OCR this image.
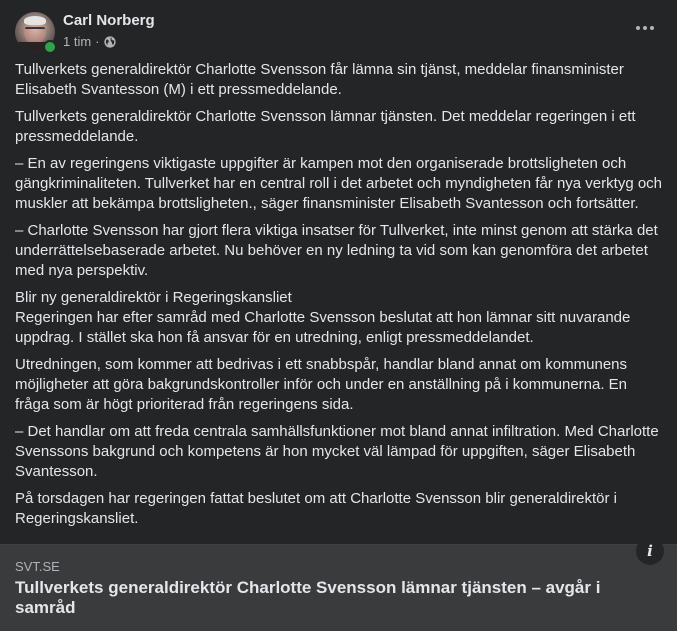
Carl Norberg
1 tim ·

Tullverkets generaldirektör Charlotte Svensson får lämna sin tjänst, meddelar finansminister Elisabeth Svantesson (M) i ett pressmeddelande.

Tullverkets generaldirektör Charlotte Svensson lämnar tjänsten. Det meddelar regeringen i ett pressmeddelande.

– En av regeringens viktigaste uppgifter är kampen mot den organiserade brottsligheten och gängkriminaliteten. Tullverket har en central roll i det arbetet och myndigheten får nya verktyg och muskler att bekämpa brottsligheten., säger finansminister Elisabeth Svantesson och fortsätter.

– Charlotte Svensson har gjort flera viktiga insatser för Tullverket, inte minst genom att stärka det underrättelsebaserade arbetet. Nu behöver en ny ledning ta vid som kan genomföra det arbetet med nya perspektiv.

Blir ny generaldirektör i Regeringskansliet

Regeringen har efter samråd med Charlotte Svensson beslutat att hon lämnar sitt nuvarande uppdrag. I stället ska hon få ansvar för en utredning, enligt pressmeddelandet.

Utredningen, som kommer att bedrivas i ett snabbspår, handlar bland annat om kommunens möjligheter att göra bakgrundskontroller inför och under en anställning på i kommunerna. En fråga som är högt prioriterad från regeringens sida.

– Det handlar om att freda centrala samhällsfunktioner mot bland annat infiltration. Med Charlotte Svenssons bakgrund och kompetens är hon mycket väl lämpad för uppgiften, säger Elisabeth Svantesson.

På torsdagen har regeringen fattat beslutet om att Charlotte Svensson blir generaldirektör i Regeringskansliet.

SVT.SE
Tullverkets generaldirektör Charlotte Svensson lämnar tjänsten – avgår i samråd
i
